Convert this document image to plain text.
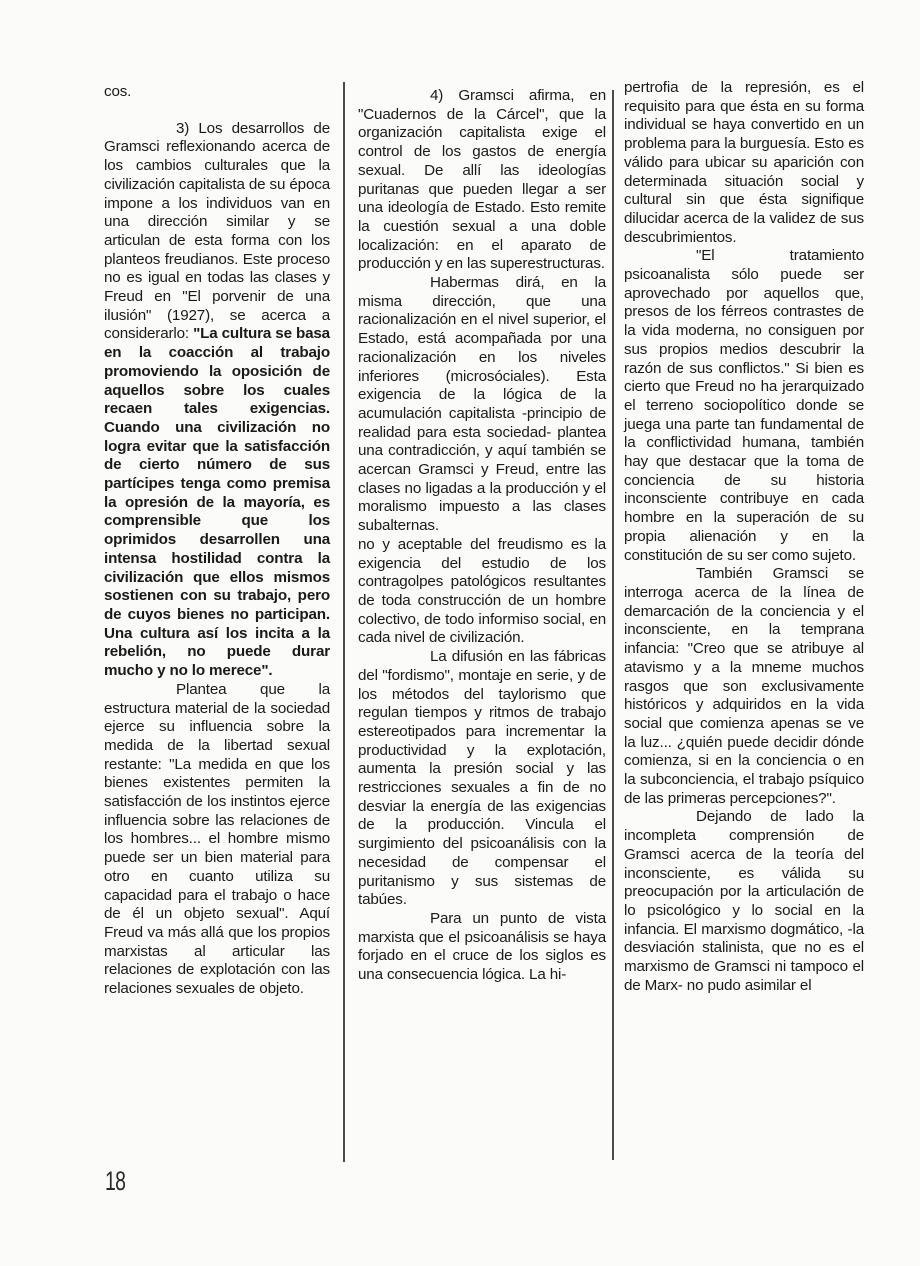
cos.

3) Los desarrollos de Gramsci reflexionando acerca de los cambios culturales que la civilización capitalista de su época impone a los individuos van en una dirección similar y se articulan de esta forma con los planteos freudianos. Este proceso no es igual en todas las clases y Freud en "El porvenir de una ilusión" (1927), se acerca a considerarlo: "La cultura se basa en la coacción al trabajo promoviendo la oposición de aquellos sobre los cuales recaen tales exigencias. Cuando una civilización no logra evitar que la satisfacción de cierto número de sus partícipes tenga como premisa la opresión de la mayoría, es comprensible que los oprimidos desarrollen una intensa hostilidad contra la civilización que ellos mismos sostienen con su trabajo, pero de cuyos bienes no participan. Una cultura así los incita a la rebelión, no puede durar mucho y no lo merece".

Plantea que la estructura material de la sociedad ejerce su influencia sobre la medida de la libertad sexual restante: "La medida en que los bienes existentes permiten la satisfacción de los instintos ejerce influencia sobre las relaciones de los hombres... el hombre mismo puede ser un bien material para otro en cuanto utiliza su capacidad para el trabajo o hace de él un objeto sexual". Aquí Freud va más allá que los propios marxistas al articular las relaciones de explotación con las relaciones sexuales de objeto.

4) Gramsci afirma, en "Cuadernos de la Cárcel", que la organización capitalista exige el control de los gastos de energía sexual. De allí las ideologías puritanas que pueden llegar a ser una ideología de Estado. Esto remite la cuestión sexual a una doble localización: en el aparato de producción y en las superestructuras.

Habermas dirá, en la misma dirección, que una racionalización en el nivel superior, el Estado, está acompañada por una racionalización en los niveles inferiores (microsóciales). Esta exigencia de la lógica de la acumulación capitalista -principio de realidad para esta sociedad- plantea una contradicción, y aquí también se acercan Gramsci y Freud, entre las clases no ligadas a la producción y el moralismo impuesto a las clases subalternas.

no y aceptable del freudismo es la exigencia del estudio de los contragolpes patológicos resultantes de toda construcción de un hombre colectivo, de todo informiso social, en cada nivel de civilización.

La difusión en las fábricas del "fordismo", montaje en serie, y de los métodos del taylorismo que regulan tiempos y ritmos de trabajo estereotipados para incrementar la productividad y la explotación, aumenta la presión social y las restricciones sexuales a fin de no desviar la energía de las exigencias de la producción. Vincula el surgimiento del psicoanálisis con la necesidad de compensar el puritanismo y sus sistemas de tabúes.

Para un punto de vista marxista que el psicoanálisis se haya forjado en el cruce de los siglos es una consecuencia lógica. La hi-

pertrofia de la represión, es el requisito para que ésta en su forma individual se haya convertido en un problema para la burguesía. Esto es válido para ubicar su aparición con determinada situación social y cultural sin que ésta signifique dilucidar acerca de la validez de sus descubrimientos.

"El tratamiento psicoanalista sólo puede ser aprovechado por aquellos que, presos de los férreos contrastes de la vida moderna, no consiguen por sus propios medios descubrir la razón de sus conflictos." Si bien es cierto que Freud no ha jerarquizado el terreno sociopolítico donde se juega una parte tan fundamental de la conflictividad humana, también hay que destacar que la toma de conciencia de su historia inconsciente contribuye en cada hombre en la superación de su propia alienación y en la constitución de su ser como sujeto.

También Gramsci se interroga acerca de la línea de demarcación de la conciencia y el inconsciente, en la temprana infancia: "Creo que se atribuye al atavismo y a la mneme muchos rasgos que son exclusivamente históricos y adquiridos en la vida social que comienza apenas se ve la luz... ¿quién puede decidir dónde comienza, si en la conciencia o en la subconciencia, el trabajo psíquico de las primeras percepciones?".

Dejando de lado la incompleta comprensión de Gramsci acerca de la teoría del inconsciente, es válida su preocupación por la articulación de lo psicológico y lo social en la infancia. El marxismo dogmático, -la desviación stalinista, que no es el marxismo de Gramsci ni tampoco el de Marx- no pudo asimilar el

18
